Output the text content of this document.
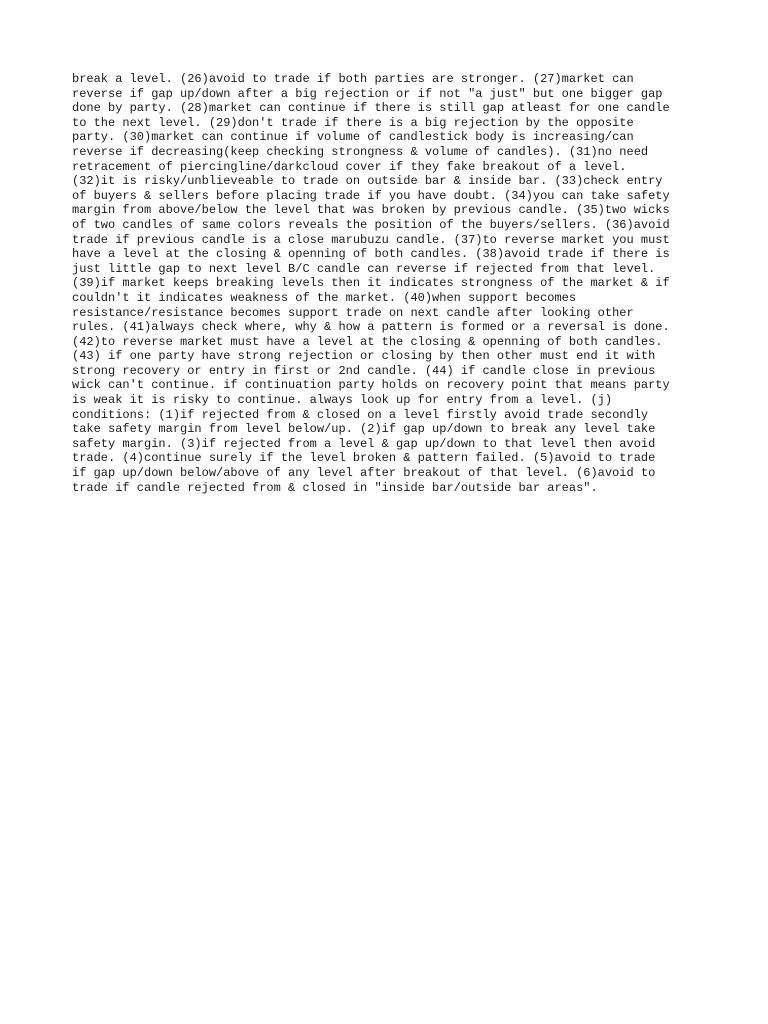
break a level. (26)avoid to trade if both parties are stronger. (27)market can
reverse if gap up/down after a big rejection or if not "a just" but one bigger gap
done by party. (28)market can continue if there is still gap atleast for one candle
to the next level. (29)don't trade if there is a big rejection by the opposite
party. (30)market can continue if volume of candlestick body is increasing/can
reverse if decreasing(keep checking strongness & volume of candles). (31)no need
retracement of piercingline/darkcloud cover if they fake breakout of a level.
(32)it is risky/unblieveable to trade on outside bar & inside bar. (33)check entry
of buyers & sellers before placing trade if you have doubt. (34)you can take safety
margin from above/below the level that was broken by previous candle. (35)two wicks
of two candles of same colors reveals the position of the buyers/sellers. (36)avoid
trade if previous candle is a close marubuzu candle. (37)to reverse market you must
have a level at the closing & openning of both candles. (38)avoid trade if there is
just little gap to next level B/C candle can reverse if rejected from that level.
(39)if market keeps breaking levels then it indicates strongness of the market & if
couldn't it indicates weakness of the market. (40)when support becomes
resistance/resistance becomes support trade on next candle after looking other
rules. (41)always check where, why & how a pattern is formed or a reversal is done.
(42)to reverse market must have a level at the closing & openning of both candles.
(43) if one party have strong rejection or closing by then other must end it with
strong recovery or entry in first or 2nd candle. (44) if candle close in previous
wick can't continue. if continuation party holds on recovery point that means party
is weak it is risky to continue. always look up for entry from a level. (j)
conditions: (1)if rejected from & closed on a level firstly avoid trade secondly
take safety margin from level below/up. (2)if gap up/down to break any level take
safety margin. (3)if rejected from a level & gap up/down to that level then avoid
trade. (4)continue surely if the level broken & pattern failed. (5)avoid to trade
if gap up/down below/above of any level after breakout of that level. (6)avoid to
trade if candle rejected from & closed in "inside bar/outside bar areas".
